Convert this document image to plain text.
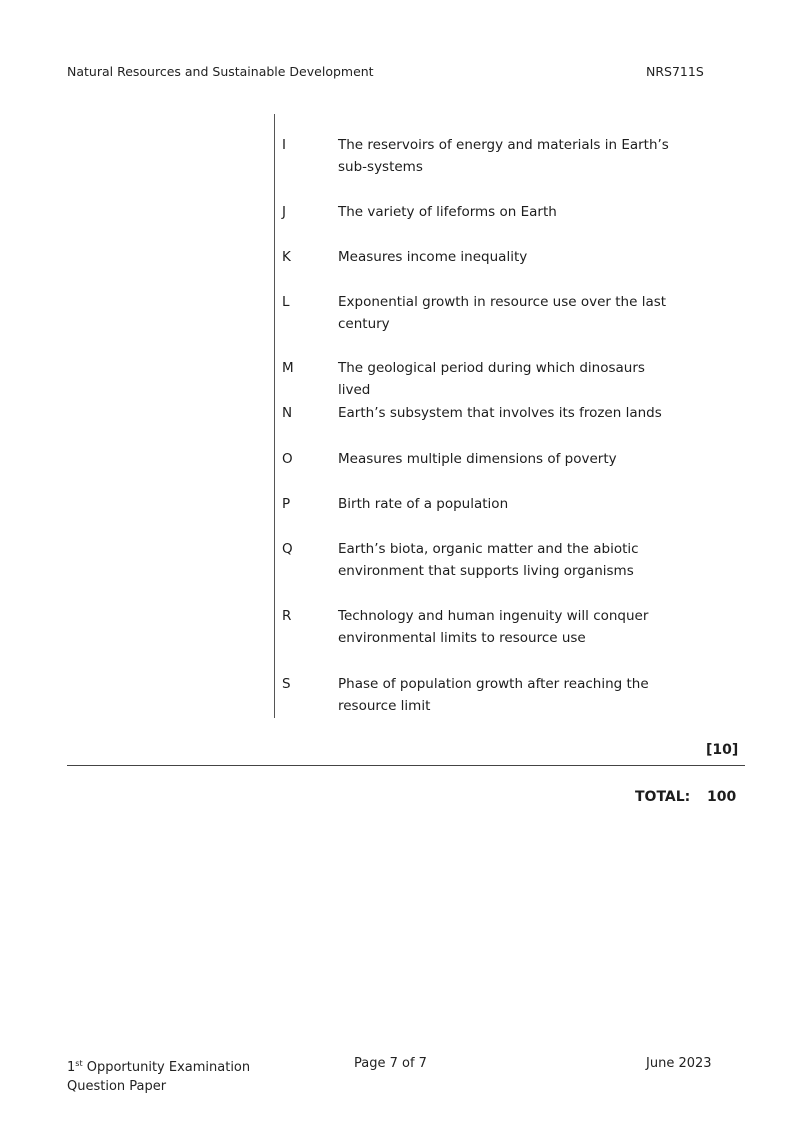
Natural Resources and Sustainable Development	NRS711S
I	The reservoirs of energy and materials in Earth’s sub-systems
J	The variety of lifeforms on Earth
K	Measures income inequality
L	Exponential growth in resource use over the last century
M	The geological period during which dinosaurs lived
N	Earth’s subsystem that involves its frozen lands
O	Measures multiple dimensions of poverty
P	Birth rate of a population
Q	Earth’s biota, organic matter and the abiotic environment that supports living organisms
R	Technology and human ingenuity will conquer environmental limits to resource use
S	Phase of population growth after reaching the resource limit
[10]
TOTAL: 100
1st Opportunity Examination
Question Paper
Page 7 of 7	June 2023
